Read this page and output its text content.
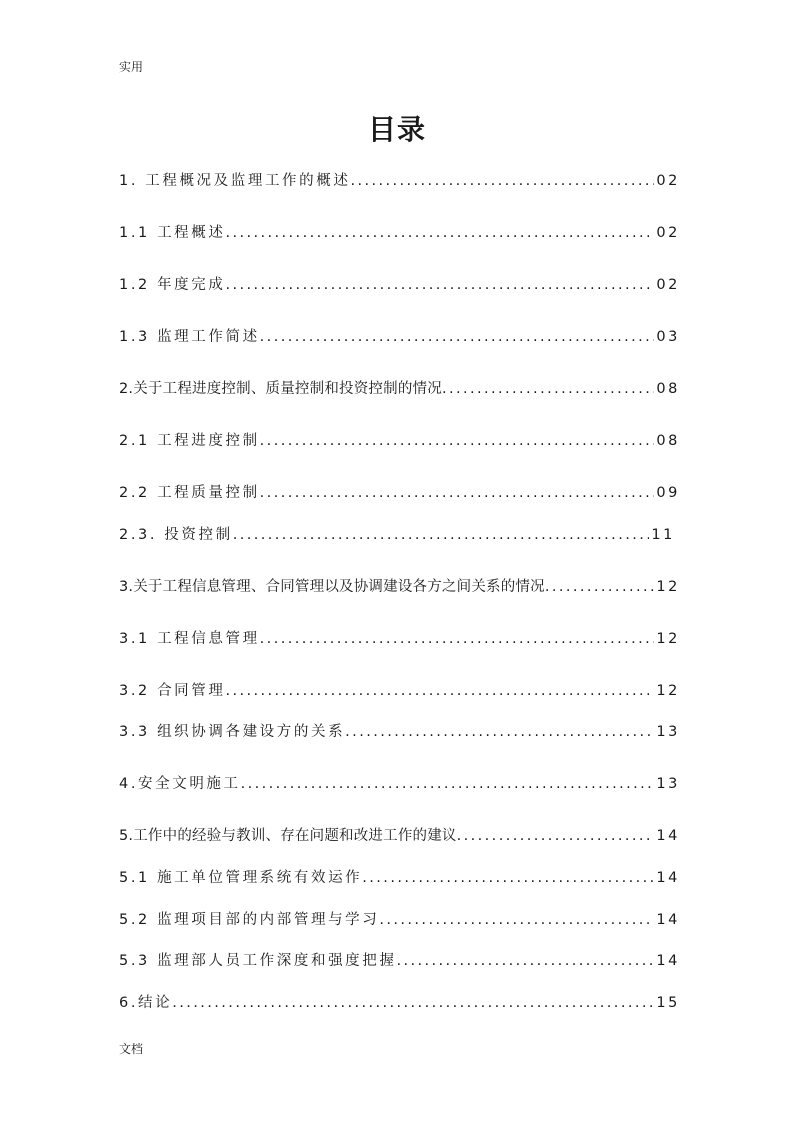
实用
目录
1. 工程概况及监理工作的概述 .....	02
1.1 工程概述 .....	02
1.2 年度完成 .....	02
1.3 监理工作简述 .....	03
2.关于工程进度控制、质量控制和投资控制的情况 .....	08
2.1 工程进度控制 .....	08
2.2 工程质量控制 .....	09
2.3. 投资控制 .....	11
3.关于工程信息管理、合同管理以及协调建设各方之间关系的情况 .....	12
3.1 工程信息管理 .....	12
3.2 合同管理 .....	12
3.3 组织协调各建设方的关系 .....	13
4.安全文明施工 .....	13
5.工作中的经验与教训、存在问题和改进工作的建议 .....	14
5.1 施工单位管理系统有效运作 .....	14
5.2 监理项目部的内部管理与学习 .....	14
5.3 监理部人员工作深度和强度把握 .....	14
6.结论 .....	15
文档
